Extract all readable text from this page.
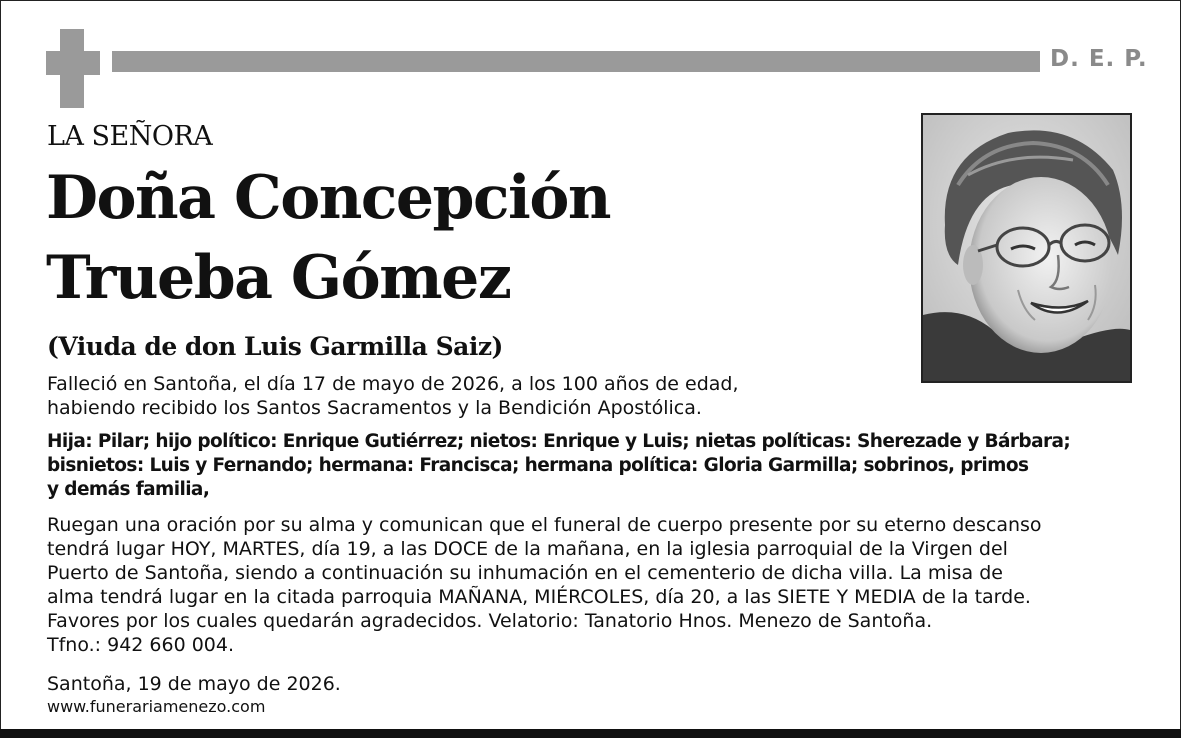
D. E. P.
LA SEÑORA
Doña Concepción
Trueba Gómez
(Viuda de don Luis Garmilla Saiz)
Falleció en Santoña, el día 17 de mayo de 2026, a los 100 años de edad,
habiendo recibido los Santos Sacramentos y la Bendición Apostólica.
Hija: Pilar; hijo político: Enrique Gutiérrez; nietos: Enrique y Luis; nietas políticas: Sherezade y Bárbara;
bisnietos: Luis y Fernando; hermana: Francisca; hermana política: Gloria Garmilla; sobrinos, primos
y demás familia,
Ruegan una oración por su alma y comunican que el funeral de cuerpo presente por su eterno descanso
tendrá lugar HOY, MARTES, día 19, a las DOCE de la mañana, en la iglesia parroquial de la Virgen del
Puerto de Santoña, siendo a continuación su inhumación en el cementerio de dicha villa. La misa de
alma tendrá lugar en la citada parroquia MAÑANA, MIÉRCOLES, día 20, a las SIETE Y MEDIA de la tarde.
Favores por los cuales quedarán agradecidos. Velatorio: Tanatorio Hnos. Menezo de Santoña.
Tfno.: 942 660 004.
Santoña, 19 de mayo de 2026.
www.funerariamenezo.com
